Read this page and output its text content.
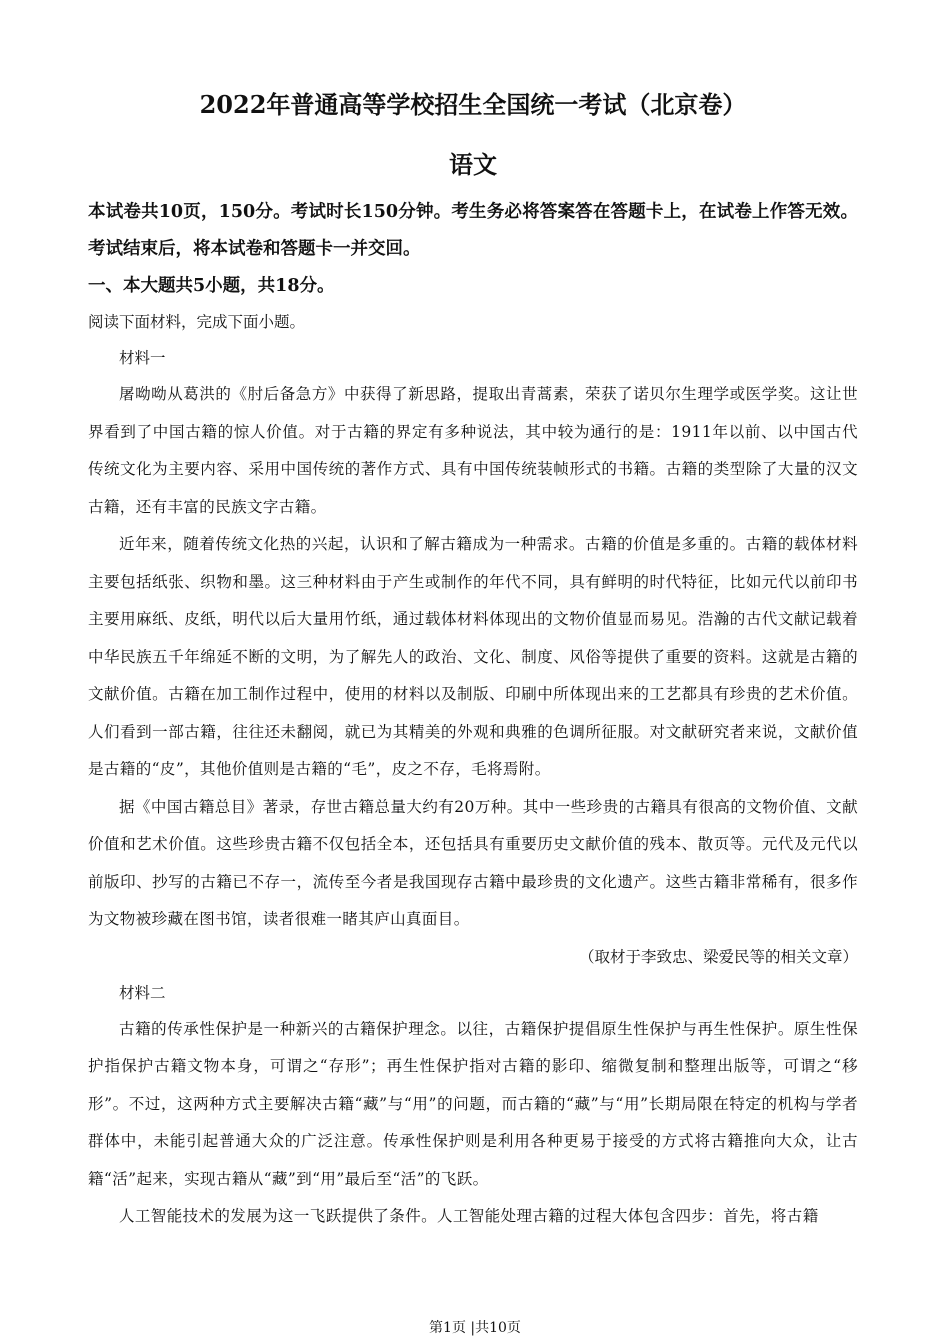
2022年普通高等学校招生全国统一考试（北京卷）
语文

本试卷共10页，150分。考试时长150分钟。考生务必将答案答在答题卡上，在试卷上作答无效。考试结束后，将本试卷和答题卡一并交回。

一、本大题共5小题，共18分。

阅读下面材料，完成下面小题。

材料一

屠呦呦从葛洪的《肘后备急方》中获得了新思路，提取出青蒿素，荣获了诺贝尔生理学或医学奖。这让世界看到了中国古籍的惊人价值。对于古籍的界定有多种说法，其中较为通行的是：1911年以前、以中国古代传统文化为主要内容、采用中国传统的著作方式、具有中国传统装帧形式的书籍。古籍的类型除了大量的汉文古籍，还有丰富的民族文字古籍。

近年来，随着传统文化热的兴起，认识和了解古籍成为一种需求。古籍的价值是多重的。古籍的载体材料主要包括纸张、织物和墨。这三种材料由于产生或制作的年代不同，具有鲜明的时代特征，比如元代以前印书主要用麻纸、皮纸，明代以后大量用竹纸，通过载体材料体现出的文物价值显而易见。浩瀚的古代文献记载着中华民族五千年绵延不断的文明，为了解先人的政治、文化、制度、风俗等提供了重要的资料。这就是古籍的文献价值。古籍在加工制作过程中，使用的材料以及制版、印刷中所体现出来的工艺都具有珍贵的艺术价值。人们看到一部古籍，往往还未翻阅，就已为其精美的外观和典雅的色调所征服。对文献研究者来说，文献价值是古籍的“皮”，其他价值则是古籍的“毛”，皮之不存，毛将焉附。

据《中国古籍总目》著录，存世古籍总量大约有20万种。其中一些珍贵的古籍具有很高的文物价值、文献价值和艺术价值。这些珍贵古籍不仅包括全本，还包括具有重要历史文献价值的残本、散页等。元代及元代以前版印、抄写的古籍已不存一，流传至今者是我国现存古籍中最珍贵的文化遗产。这些古籍非常稀有，很多作为文物被珍藏在图书馆，读者很难一睹其庐山真面目。

（取材于李致忠、梁爱民等的相关文章）

材料二

古籍的传承性保护是一种新兴的古籍保护理念。以往，古籍保护提倡原生性保护与再生性保护。原生性保护指保护古籍文物本身，可谓之“存形”；再生性保护指对古籍的影印、缩微复制和整理出版等，可谓之“移形”。不过，这两种方式主要解决古籍“藏”与“用”的问题，而古籍的“藏”与“用”长期局限在特定的机构与学者群体中，未能引起普通大众的广泛注意。传承性保护则是利用各种更易于接受的方式将古籍推向大众，让古籍“活”起来，实现古籍从“藏”到“用”最后至“活”的飞跃。

人工智能技术的发展为这一飞跃提供了条件。人工智能处理古籍的过程大体包含四步：首先，将古籍

第1页 |共10页
